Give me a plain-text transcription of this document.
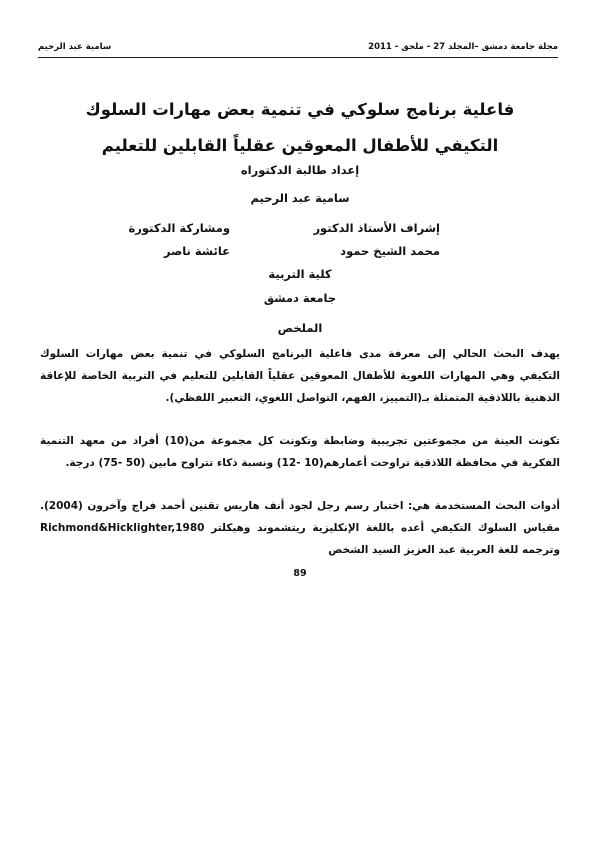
مجلة جامعة دمشق –المجلد 27 - ملحق - 2011
سامية عبد الرحيم
فاعلية برنامج سلوكي في تنمية بعض مهارات السلوك
التكيفي للأطفال المعوقين عقلياً القابلين للتعليم
إعداد طالبة الدكتوراه
سامية عبد الرحيم
إشراف الأستاذ الدكتور
ومشاركة الدكتورة
محمد الشيخ حمود
عائشة ناصر
كلية التربية
جامعة دمشق
الملخص
يهدف البحث الحالي إلى معرفة مدى فاعلية البرنامج السلوكي في تنمية بعض مهارات السلوك التكيفي وهي المهارات اللغوية للأطفال المعوقين عقلياً القابلين للتعليم في التربية الخاصة للإعاقة الذهنية باللاذقية المتمثلة بـ(التمييز، الفهم، التواصل اللغوي، التعبير اللفظي).
تكونت العينة من مجموعتين تجريبية وضابطة وتكونت كل مجموعة من(10) أفراد من معهد التنمية الفكرية في محافظة اللاذقية تراوحت أعمارهم(10 -12) ونسبة ذكاء تتراوح مابين (50 -75) درجة.
أدوات البحث المستخدمة هي: اختبار رسم رجل لجود أنف هاريس تقنين أحمد فراج وآخرون (2004). مقياس السلوك التكيفي أعده باللغة الإنكليزية ريتشموند وهيكلتر Richmond&Hicklighter,1980 وترجمه للغة العربية عبد العزيز السيد الشخص
89
